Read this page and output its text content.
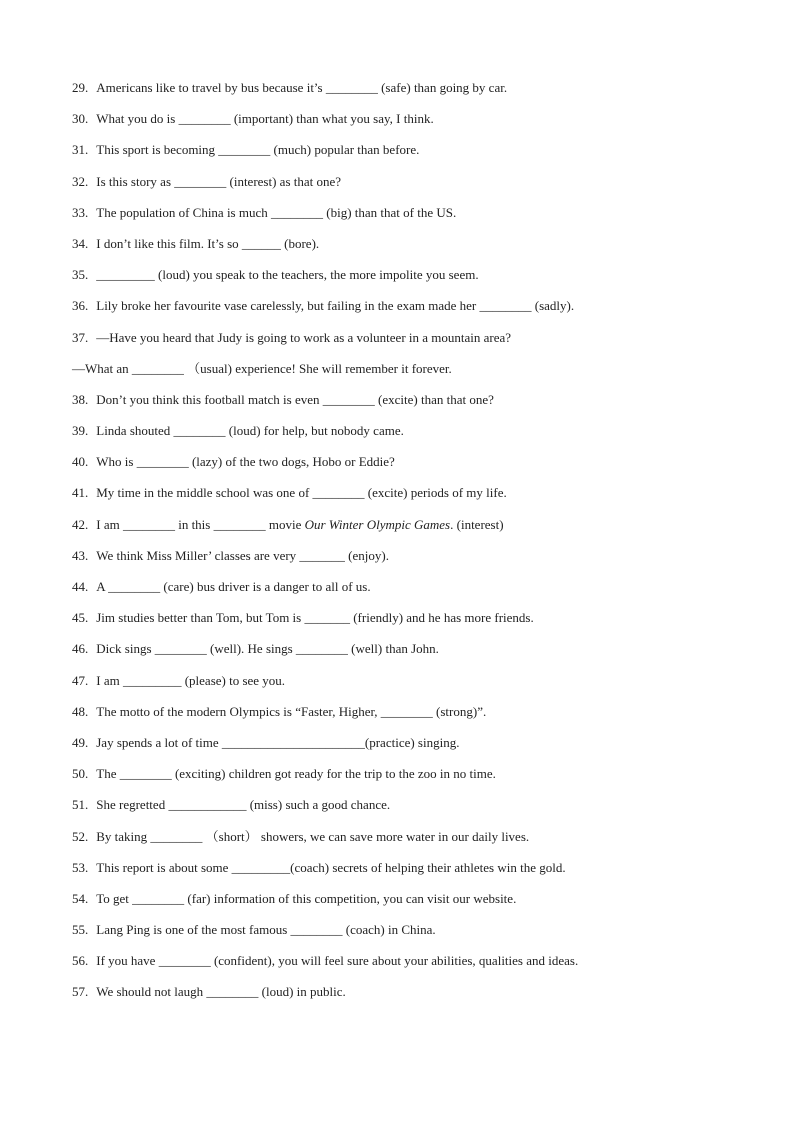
29. Americans like to travel by bus because it’s ________ (safe) than going by car.
30. What you do is ________ (important) than what you say, I think.
31. This sport is becoming ________ (much) popular than before.
32. Is this story as ________ (interest) as that one?
33. The population of China is much ________ (big) than that of the US.
34. I don’t like this film. It’s so ______ (bore).
35. _________ (loud) you speak to the teachers, the more impolite you seem.
36. Lily broke her favourite vase carelessly, but failing in the exam made her ________ (sadly).
37. —Have you heard that Judy is going to work as a volunteer in a mountain area?
—What an ________ （usual) experience! She will remember it forever.
38. Don’t you think this football match is even ________ (excite) than that one?
39. Linda shouted ________ (loud) for help, but nobody came.
40. Who is ________ (lazy) of the two dogs, Hobo or Eddie?
41. My time in the middle school was one of ________ (excite) periods of my life.
42. I am ________ in this ________ movie Our Winter Olympic Games. (interest)
43. We think Miss Miller’ classes are very _______ (enjoy).
44. A ________ (care) bus driver is a danger to all of us.
45. Jim studies better than Tom, but Tom is _______ (friendly) and he has more friends.
46. Dick sings ________ (well). He sings ________ (well) than John.
47. I am _________ (please) to see you.
48. The motto of the modern Olympics is “Faster, Higher, ________ (strong)”.
49. Jay spends a lot of time ______________________(practice) singing.
50. The ________ (exciting) children got ready for the trip to the zoo in no time.
51. She regretted ____________ (miss) such a good chance.
52. By taking ________ （short） showers, we can save more water in our daily lives.
53. This report is about some _________(coach) secrets of helping their athletes win the gold.
54. To get ________ (far) information of this competition, you can visit our website.
55. Lang Ping is one of the most famous ________ (coach) in China.
56. If you have ________ (confident), you will feel sure about your abilities, qualities and ideas.
57. We should not laugh ________ (loud) in public.
